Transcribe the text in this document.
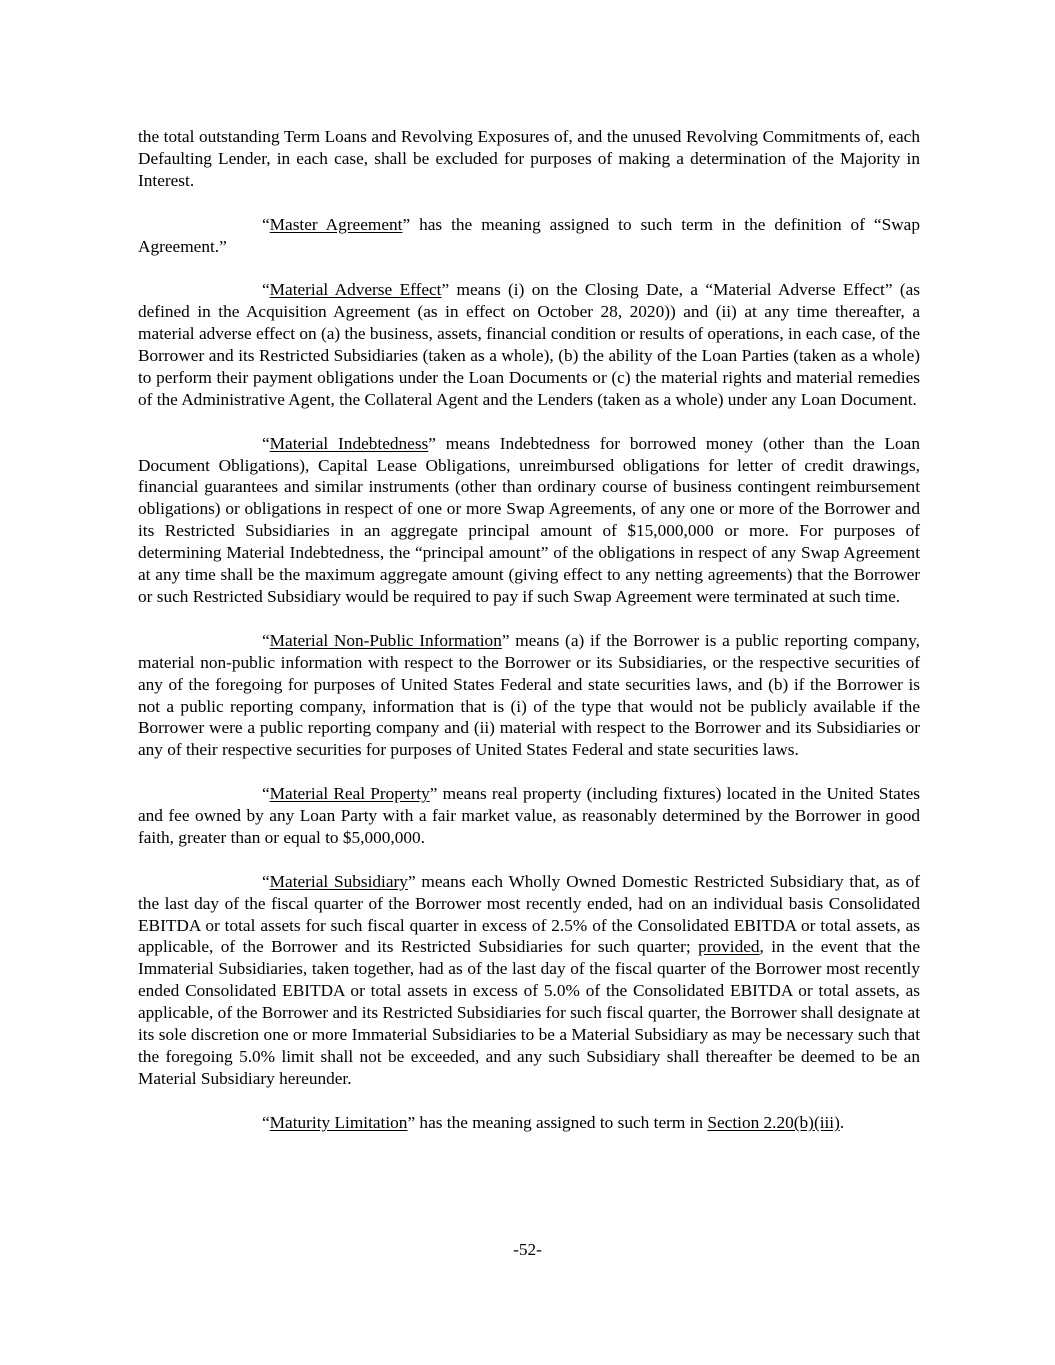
the total outstanding Term Loans and Revolving Exposures of, and the unused Revolving Commitments of, each Defaulting Lender, in each case, shall be excluded for purposes of making a determination of the Majority in Interest.

“Master Agreement” has the meaning assigned to such term in the definition of “Swap Agreement.”

“Material Adverse Effect” means (i) on the Closing Date, a “Material Adverse Effect” (as defined in the Acquisition Agreement (as in effect on October 28, 2020)) and (ii) at any time thereafter, a material adverse effect on (a) the business, assets, financial condition or results of operations, in each case, of the Borrower and its Restricted Subsidiaries (taken as a whole), (b) the ability of the Loan Parties (taken as a whole) to perform their payment obligations under the Loan Documents or (c) the material rights and material remedies of the Administrative Agent, the Collateral Agent and the Lenders (taken as a whole) under any Loan Document.

“Material Indebtedness” means Indebtedness for borrowed money (other than the Loan Document Obligations), Capital Lease Obligations, unreimbursed obligations for letter of credit drawings, financial guarantees and similar instruments (other than ordinary course of business contingent reimbursement obligations) or obligations in respect of one or more Swap Agreements, of any one or more of the Borrower and its Restricted Subsidiaries in an aggregate principal amount of $15,000,000 or more. For purposes of determining Material Indebtedness, the “principal amount” of the obligations in respect of any Swap Agreement at any time shall be the maximum aggregate amount (giving effect to any netting agreements) that the Borrower or such Restricted Subsidiary would be required to pay if such Swap Agreement were terminated at such time.

“Material Non-Public Information” means (a) if the Borrower is a public reporting company, material non-public information with respect to the Borrower or its Subsidiaries, or the respective securities of any of the foregoing for purposes of United States Federal and state securities laws, and (b) if the Borrower is not a public reporting company, information that is (i) of the type that would not be publicly available if the Borrower were a public reporting company and (ii) material with respect to the Borrower and its Subsidiaries or any of their respective securities for purposes of United States Federal and state securities laws.

“Material Real Property” means real property (including fixtures) located in the United States and fee owned by any Loan Party with a fair market value, as reasonably determined by the Borrower in good faith, greater than or equal to $5,000,000.

“Material Subsidiary” means each Wholly Owned Domestic Restricted Subsidiary that, as of the last day of the fiscal quarter of the Borrower most recently ended, had on an individual basis Consolidated EBITDA or total assets for such fiscal quarter in excess of 2.5% of the Consolidated EBITDA or total assets, as applicable, of the Borrower and its Restricted Subsidiaries for such quarter; provided, in the event that the Immaterial Subsidiaries, taken together, had as of the last day of the fiscal quarter of the Borrower most recently ended Consolidated EBITDA or total assets in excess of 5.0% of the Consolidated EBITDA or total assets, as applicable, of the Borrower and its Restricted Subsidiaries for such fiscal quarter, the Borrower shall designate at its sole discretion one or more Immaterial Subsidiaries to be a Material Subsidiary as may be necessary such that the foregoing 5.0% limit shall not be exceeded, and any such Subsidiary shall thereafter be deemed to be an Material Subsidiary hereunder.

“Maturity Limitation” has the meaning assigned to such term in Section 2.20(b)(iii).

-52-
